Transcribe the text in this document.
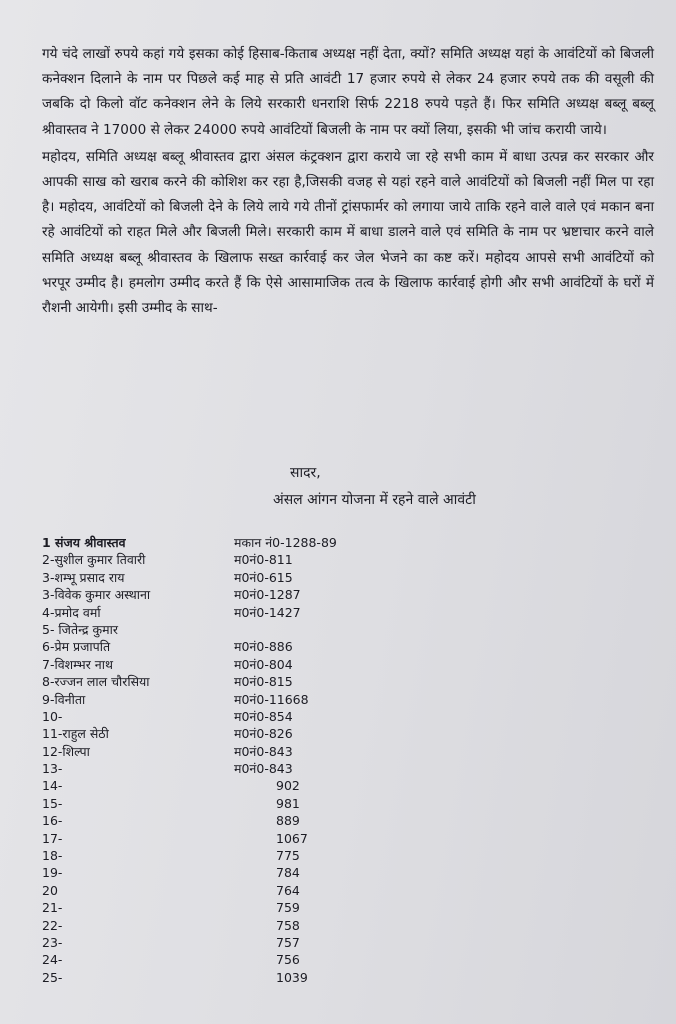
गये चंदे लाखों रुपये कहां गये इसका कोई हिसाब-किताब अध्यक्ष नहीं देता, क्यों? समिति अध्यक्ष यहां के आवंटियों को बिजली कनेक्शन दिलाने के नाम पर पिछले कई माह से प्रति आवंटी 17 हजार रुपये से लेकर 24 हजार रुपये तक की वसूली की जबकि दो किलो वॉट कनेक्शन लेने के लिये सरकारी धनराशि सिर्फ 2218 रुपये पड़ते हैं। फिर समिति अध्यक्ष बब्लू बब्लू श्रीवास्तव ने 17000 से लेकर 24000 रुपये आवंटियों बिजली के नाम पर क्यों लिया, इसकी भी जांच करायी जाये।

महोदय, समिति अध्यक्ष बब्लू श्रीवास्तव द्वारा अंसल कंट्रक्शन द्वारा कराये जा रहे सभी काम में बाधा उत्पन्न कर सरकार और आपकी साख को खराब करने की कोशिश कर रहा है,जिसकी वजह से यहां रहने वाले आवंटियों को बिजली नहीं मिल पा रहा है। महोदय, आवंटियों को बिजली देने के लिये लाये गये तीनों ट्रांसफार्मर को लगाया जाये ताकि रहने वाले वाले एवं मकान बना रहे आवंटियों को राहत मिले और बिजली मिले। सरकारी काम में बाधा डालने वाले एवं समिति के नाम पर भ्रष्टाचार करने वाले समिति अध्यक्ष बब्लू श्रीवास्तव के खिलाफ सख्त कार्रवाई कर जेल भेजने का कष्ट करें। महोदय आपसे सभी आवंटियों को भरपूर उम्मीद है। हमलोग उम्मीद करते हैं कि ऐसे आसामाजिक तत्व के खिलाफ कार्रवाई होगी और सभी आवंटियों के घरों में रौशनी आयेगी। इसी उम्मीद के साथ-

सादर,
अंसल आंगन योजना में रहने वाले आवंटी
1 संजय श्रीवास्तव	मकान नं0-1288-89
2-सुशील कुमार तिवारी	म0नं0-811
3-शम्भू प्रसाद राय	म0नं0-615
3-विवेक कुमार अस्थाना	म0नं0-1287
4-प्रमोद वर्मा	म0नं0-1427
5- जितेन्द्र कुमार
6-प्रेम प्रजापति	म0नं0-886
7-विशम्भर नाथ	म0नं0-804
8-रज्जन लाल चौरसिया	म0नं0-815
9-विनीता	म0नं0-11668
10-	म0नं0-854
11-राहुल सेठी	म0नं0-826
12-शिल्पा	म0नं0-843
13-	म0नं0-843
14-	902
15-	981
16-	889
17-	1067
18-	775
19-	784
20	764
21-	759
22-	758
23-	757
24-	756
25-	1039
